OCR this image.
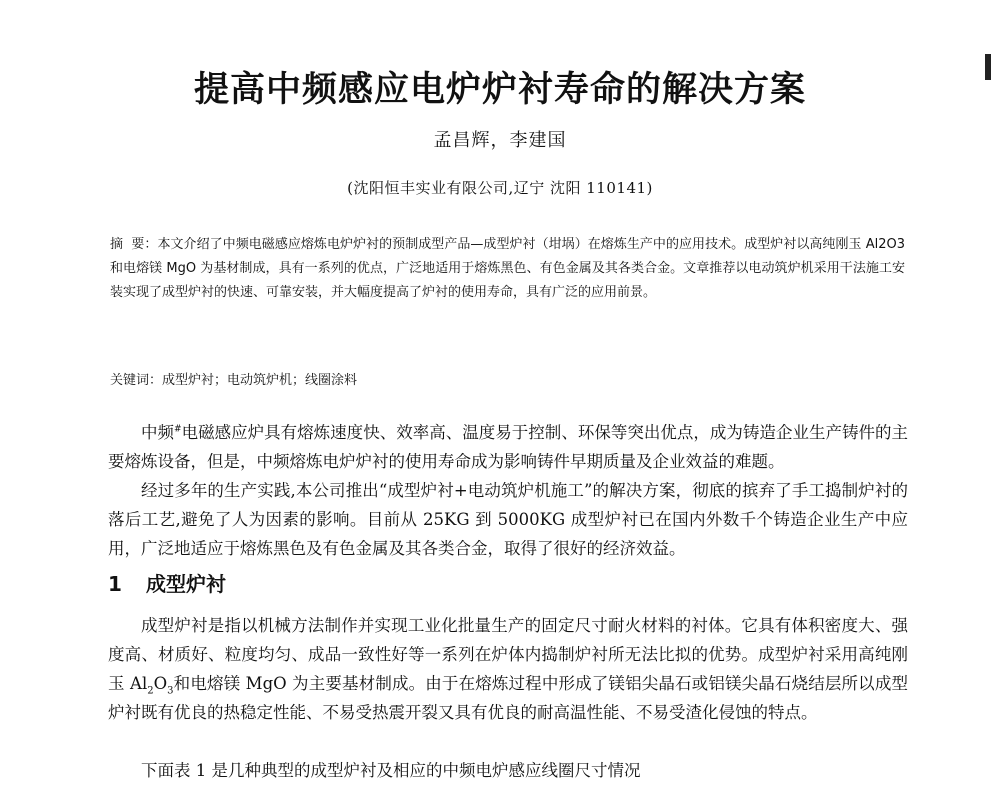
提高中频感应电炉炉衬寿命的解决方案
孟昌辉，李建国
(沈阳恒丰实业有限公司,辽宁 沈阳 110141)

摘  要：本文介绍了中频电磁感应熔炼电炉炉衬的预制成型产品—成型炉衬（坩埚）在熔炼生产中的应用技术。成型炉衬以高纯刚玉 Al2O3 和电熔镁 MgO 为基材制成，具有一系列的优点，广泛地适用于熔炼黑色、有色金属及其各类合金。文章推荐以电动筑炉机采用干法施工安装实现了成型炉衬的快速、可靠安装，并大幅度提高了炉衬的使用寿命，具有广泛的应用前景。

关键词：成型炉衬；电动筑炉机；线圈涂料

中频#电磁感应炉具有熔炼速度快、效率高、温度易于控制、环保等突出优点，成为铸造企业生产铸件的主要熔炼设备，但是，中频熔炼电炉炉衬的使用寿命成为影响铸件早期质量及企业效益的难题。

经过多年的生产实践,本公司推出“成型炉衬+电动筑炉机施工”的解决方案，彻底的摈弃了手工捣制炉衬的落后工艺,避免了人为因素的影响。目前从 25KG 到 5000KG 成型炉衬已在国内外数千个铸造企业生产中应用，广泛地适应于熔炼黑色及有色金属及其各类合金，取得了很好的经济效益。

1 成型炉衬

成型炉衬是指以机械方法制作并实现工业化批量生产的固定尺寸耐火材料的衬体。它具有体积密度大、强度高、材质好、粒度均匀、成品一致性好等一系列在炉体内捣制炉衬所无法比拟的优势。成型炉衬采用高纯刚玉 $Al_2O_3$和电熔镁 MgO 为主要基材制成。由于在熔炼过程中形成了镁铝尖晶石或铝镁尖晶石烧结层所以成型炉衬既有优良的热稳定性能、不易受热震开裂又具有优良的耐高温性能、不易受渣化侵蚀的特点。

下面表 1 是几种典型的成型炉衬及相应的中频电炉感应线圈尺寸情况
